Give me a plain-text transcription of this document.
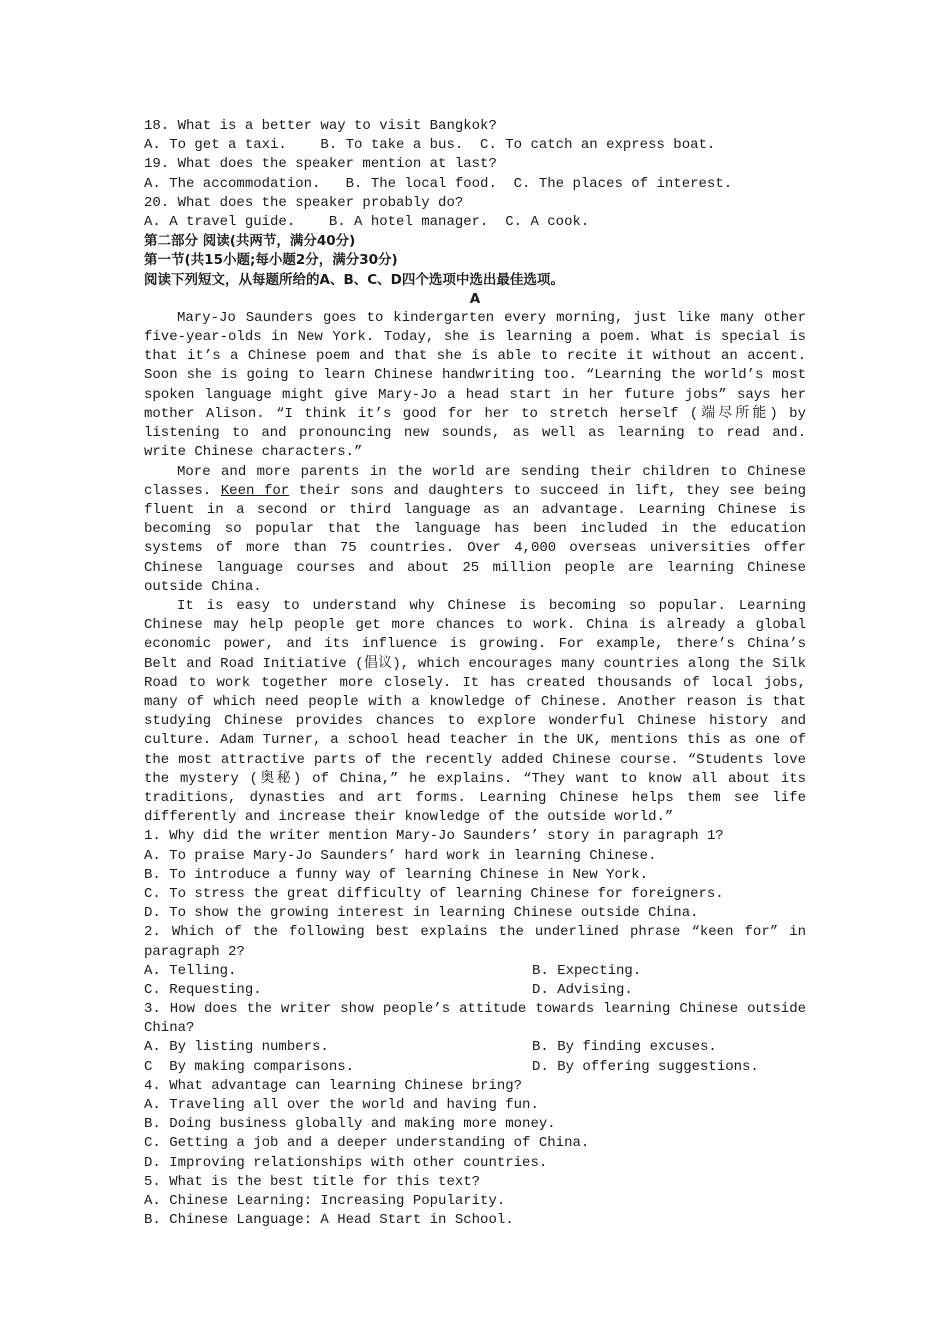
18. What is a better way to visit Bangkok?
A. To get a taxi.    B. To take a bus.  C. To catch an express boat.
19. What does the speaker mention at last?
A. The accommodation.   B. The local food.  C. The places of interest.
20. What does the speaker probably do?
A. A travel guide.    B. A hotel manager.  C. A cook.
第二部分 阅读(共两节，满分40分)
第一节(共15小题;每小题2分，满分30分)
阅读下列短文，从每题所给的A、B、C、D四个选项中选出最佳选项。
A

Mary-Jo Saunders goes to kindergarten every morning, just like many other five-year-olds in New York. Today, she is learning a poem. What is special is that it’s a Chinese poem and that she is able to recite it without an accent. Soon she is going to learn Chinese handwriting too. “Learning the world’s most spoken language might give Mary-Jo a head start in her future jobs” says her mother Alison. “I think it’s good for her to stretch herself (端尽所能) by listening to and pronouncing new sounds, as well as learning to read and. write Chinese characters.”

More and more parents in the world are sending their children to Chinese classes. Keen for their sons and daughters to succeed in lift, they see being fluent in a second or third language as an advantage. Learning Chinese is becoming so popular that the language has been included in the education systems of more than 75 countries. Over 4,000 overseas universities offer Chinese language courses and about 25 million people are learning Chinese outside China.

It is easy to understand why Chinese is becoming so popular. Learning Chinese may help people get more chances to work. China is already a global economic power, and its influence is growing. For example, there’s China’s Belt and Road Initiative (倡议), which encourages many countries along the Silk Road to work together more closely. It has created thousands of local jobs, many of which need people with a knowledge of Chinese. Another reason is that studying Chinese provides chances to explore wonderful Chinese history and culture. Adam Turner, a school head teacher in the UK, mentions this as one of the most attractive parts of the recently added Chinese course. “Students love the mystery (奥秘) of China,” he explains. “They want to know all about its traditions, dynasties and art forms. Learning Chinese helps them see life differently and increase their knowledge of the outside world.”

1. Why did the writer mention Mary-Jo Saunders’ story in paragraph 1?
A. To praise Mary-Jo Saunders’ hard work in learning Chinese.
B. To introduce a funny way of learning Chinese in New York.
C. To stress the great difficulty of learning Chinese for foreigners.
D. To show the growing interest in learning Chinese outside China.
2. Which of the following best explains the underlined phrase “keen for” in paragraph 2?
A. Telling.	B. Expecting.
C. Requesting.	D. Advising.
3. How does the writer show people’s attitude towards learning Chinese outside China?
A. By listing numbers.	B. By finding excuses.
C  By making comparisons.	D. By offering suggestions.
4. What advantage can learning Chinese bring?
A. Traveling all over the world and having fun.
B. Doing business globally and making more money.
C. Getting a job and a deeper understanding of China.
D. Improving relationships with other countries.
5. What is the best title for this text?
A. Chinese Learning: Increasing Popularity.
B. Chinese Language: A Head Start in School.
